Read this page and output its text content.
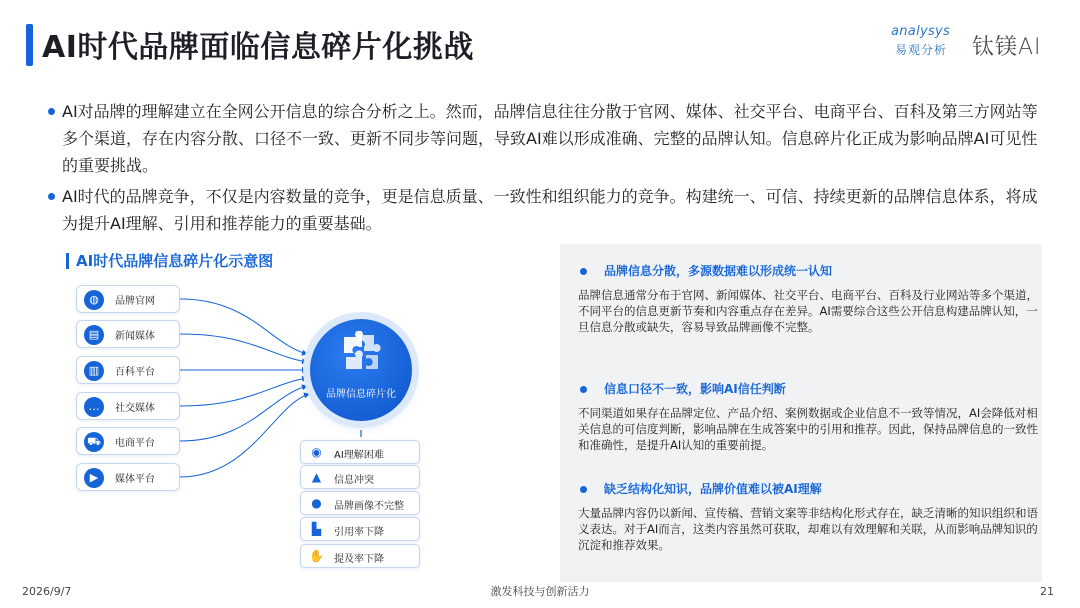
AI时代品牌面临信息碎片化挑战	analysys
易观分析 钛镁AI
AI对品牌的理解建立在全网公开信息的综合分析之上。然而，品牌信息往往分散于官网、媒体、社交平台、电商平台、百科及第三方网站等多个渠道，存在内容分散、口径不一致、更新不同步等问题，导致AI难以形成准确、完整的品牌认知。信息碎片化正成为影响品牌AI可见性的重要挑战。
AI时代的品牌竞争，不仅是内容数量的竞争，更是信息质量、一致性和组织能力的竞争。构建统一、可信、持续更新的品牌信息体系，将成为提升AI理解、引用和推荐能力的重要基础。
AI时代品牌信息碎片化示意图
◍	品牌官网
▤	新闻媒体
▥	百科平台
…	社交媒体
⛟	电商平台
▶	媒体平台
品牌信息碎片化
◉ AI理解困难
▲ 信息冲突
● 品牌画像不完整
▙ 引用率下降
✋ 提及率下降
品牌信息分散，多源数据难以形成统一认知
品牌信息通常分布于官网、新闻媒体、社交平台、电商平台、百科及行业网站等多个渠道，不同平台的信息更新节奏和内容重点存在差异。AI需要综合这些公开信息构建品牌认知，一旦信息分散或缺失，容易导致品牌画像不完整。
信息口径不一致，影响AI信任判断
不同渠道如果存在品牌定位、产品介绍、案例数据或企业信息不一致等情况，AI会降低对相关信息的可信度判断，影响品牌在生成答案中的引用和推荐。因此，保持品牌信息的一致性和准确性，是提升AI认知的重要前提。
缺乏结构化知识，品牌价值难以被AI理解
大量品牌内容仍以新闻、宣传稿、营销文案等非结构化形式存在，缺乏清晰的知识组织和语义表达。对于AI而言，这类内容虽然可获取，却难以有效理解和关联，从而影响品牌知识的沉淀和推荐效果。
2026/9/7	激发科技与创新活力	21
